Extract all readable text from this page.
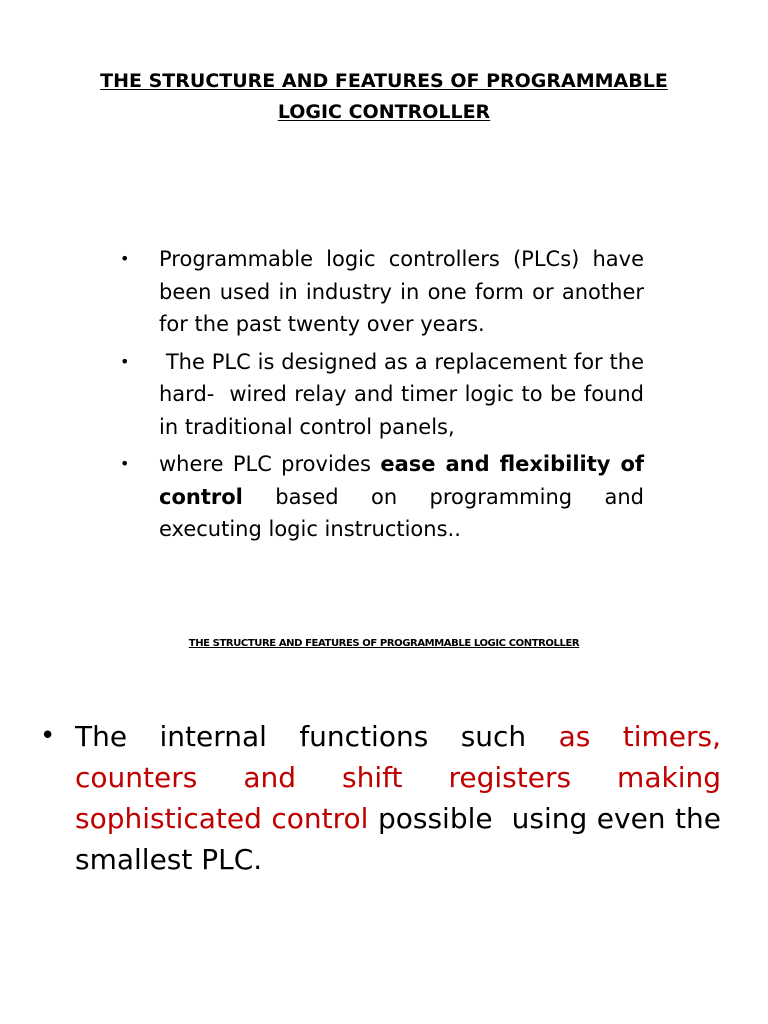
THE STRUCTURE AND FEATURES OF PROGRAMMABLE
LOGIC CONTROLLER
• Programmable logic controllers (PLCs) have been used in industry in one form or another for the past twenty over years.
• The PLC is designed as a replacement for the hard-  wired relay and timer logic to be found in traditional control panels,
• where PLC provides ease and flexibility of control based on programming and executing logic instructions..
THE STRUCTURE AND FEATURES OF PROGRAMMABLE LOGIC CONTROLLER
• The internal functions such as timers, counters and shift registers making sophisticated control possible  using even the smallest PLC.
